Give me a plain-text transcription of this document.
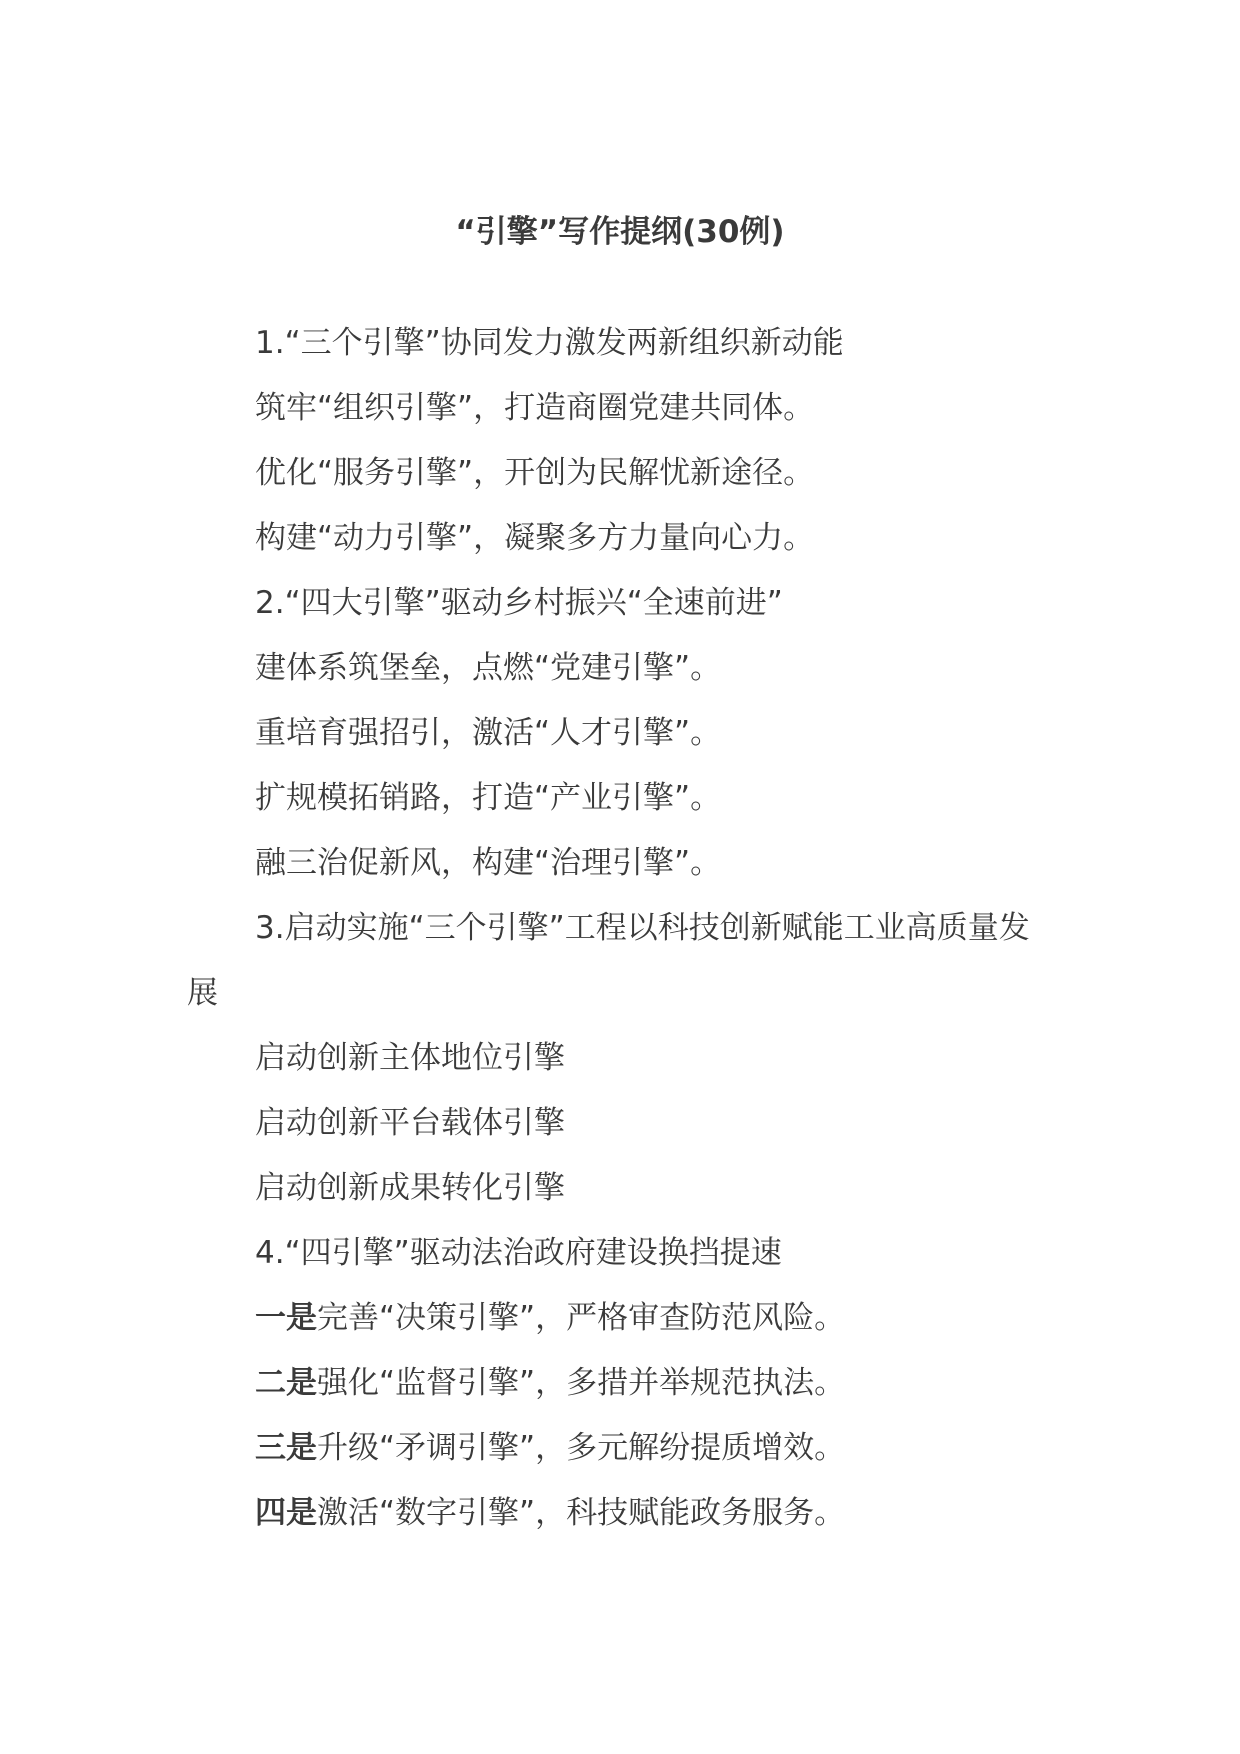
“引擎”写作提纲(30例)
1.“三个引擎”协同发力激发两新组织新动能
筑牢“组织引擎”，打造商圈党建共同体。
优化“服务引擎”，开创为民解忧新途径。
构建“动力引擎”，凝聚多方力量向心力。
2.“四大引擎”驱动乡村振兴“全速前进”
建体系筑堡垒，点燃“党建引擎”。
重培育强招引，激活“人才引擎”。
扩规模拓销路，打造“产业引擎”。
融三治促新风，构建“治理引擎”。
3.启动实施“三个引擎”工程以科技创新赋能工业高质量发展
启动创新主体地位引擎
启动创新平台载体引擎
启动创新成果转化引擎
4.“四引擎”驱动法治政府建设换挡提速
一是完善“决策引擎”，严格审查防范风险。
二是强化“监督引擎”，多措并举规范执法。
三是升级“矛调引擎”，多元解纷提质增效。
四是激活“数字引擎”，科技赋能政务服务。
